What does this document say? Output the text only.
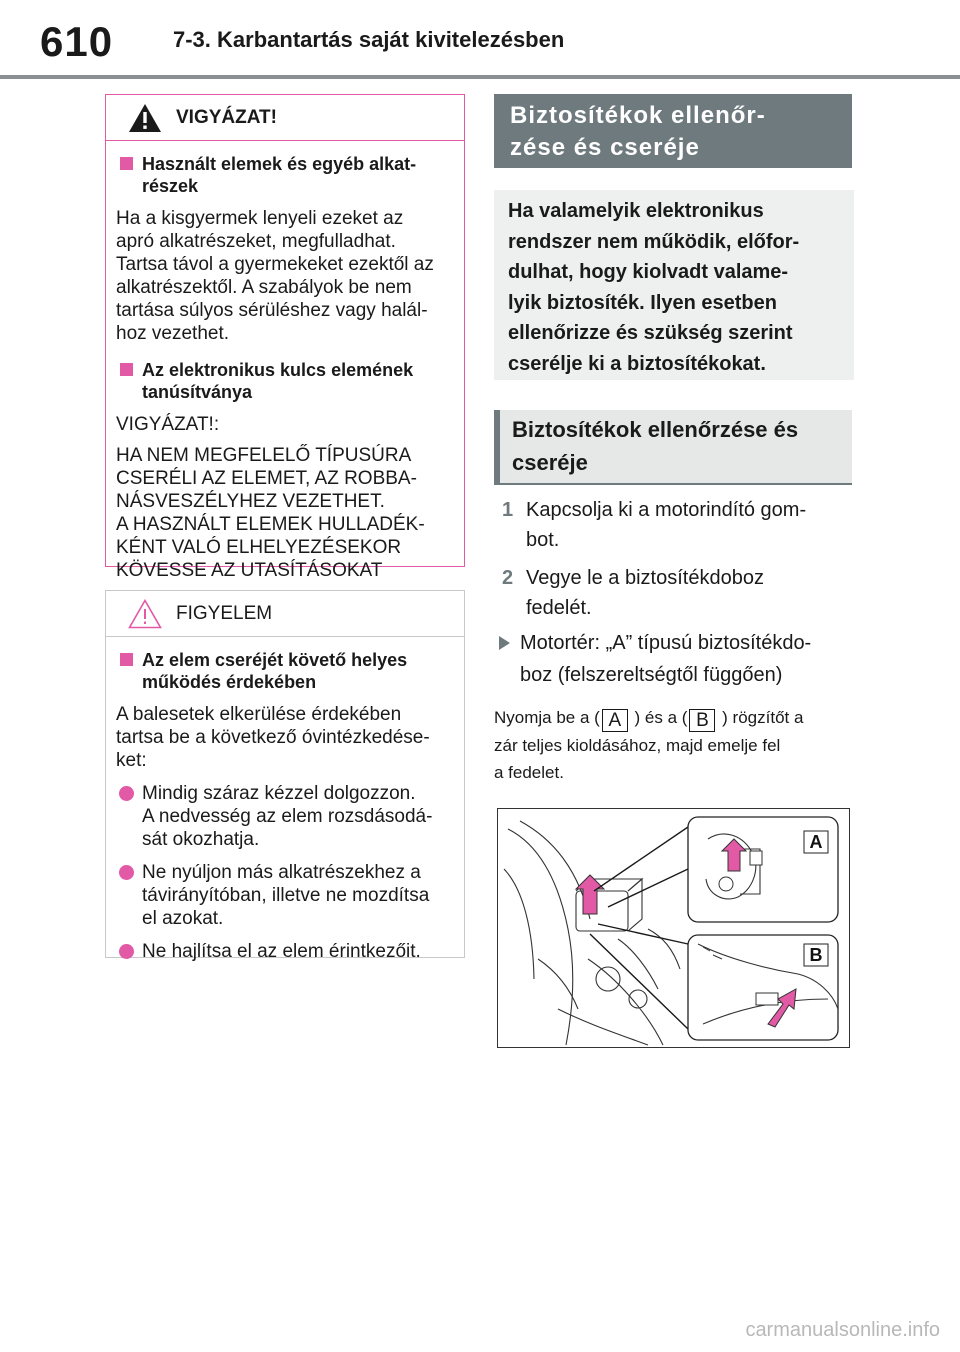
610	7-3. Karbantartás saját kivitelezésben
VIGYÁZAT!
Használt elemek és egyéb alkat-
részek
Ha a kisgyermek lenyeli ezeket az
apró alkatrészeket, megfulladhat.
Tartsa távol a gyermekeket ezektől az
alkatrészektől. A szabályok be nem
tartása súlyos sérüléshez vagy halál-
hoz vezethet.
Az elektronikus kulcs elemének
tanúsítványa
VIGYÁZAT!:
HA NEM MEGFELELŐ TÍPUSÚRA
CSERÉLI AZ ELEMET, AZ ROBBA-
NÁSVESZÉLYHEZ VEZETHET.
A HASZNÁLT ELEMEK HULLADÉK-
KÉNT VALÓ ELHELYEZÉSEKOR
KÖVESSE AZ UTASÍTÁSOKAT
FIGYELEM
Az elem cseréjét követő helyes
működés érdekében
A balesetek elkerülése érdekében
tartsa be a következő óvintézkedése-
ket:
Mindig száraz kézzel dolgozzon.
A nedvesség az elem rozsdásodá-
sát okozhatja.
Ne nyúljon más alkatrészekhez a
távirányítóban, illetve ne mozdítsa
el azokat.
Ne hajlítsa el az elem érintkezőit.
Biztosítékok ellenőr-
zése és cseréje
Ha valamelyik elektronikus
rendszer nem működik, előfor-
dulhat, hogy kiolvadt valame-
lyik biztosíték. Ilyen esetben
ellenőrizze és szükség szerint
cserélje ki a biztosítékokat.
Biztosítékok ellenőrzése és
cseréje
1 Kapcsolja ki a motorindító gom-
bot.
2 Vegye le a biztosítékdoboz
fedelét.
Motortér: „A” típusú biztosítékdo-
boz (felszereltségtől függően)
Nyomja be a ( A ) és a ( B ) rögzítőt a
zár teljes kioldásához, majd emelje fel
a fedelet.
A
B
carmanualsonline.info
